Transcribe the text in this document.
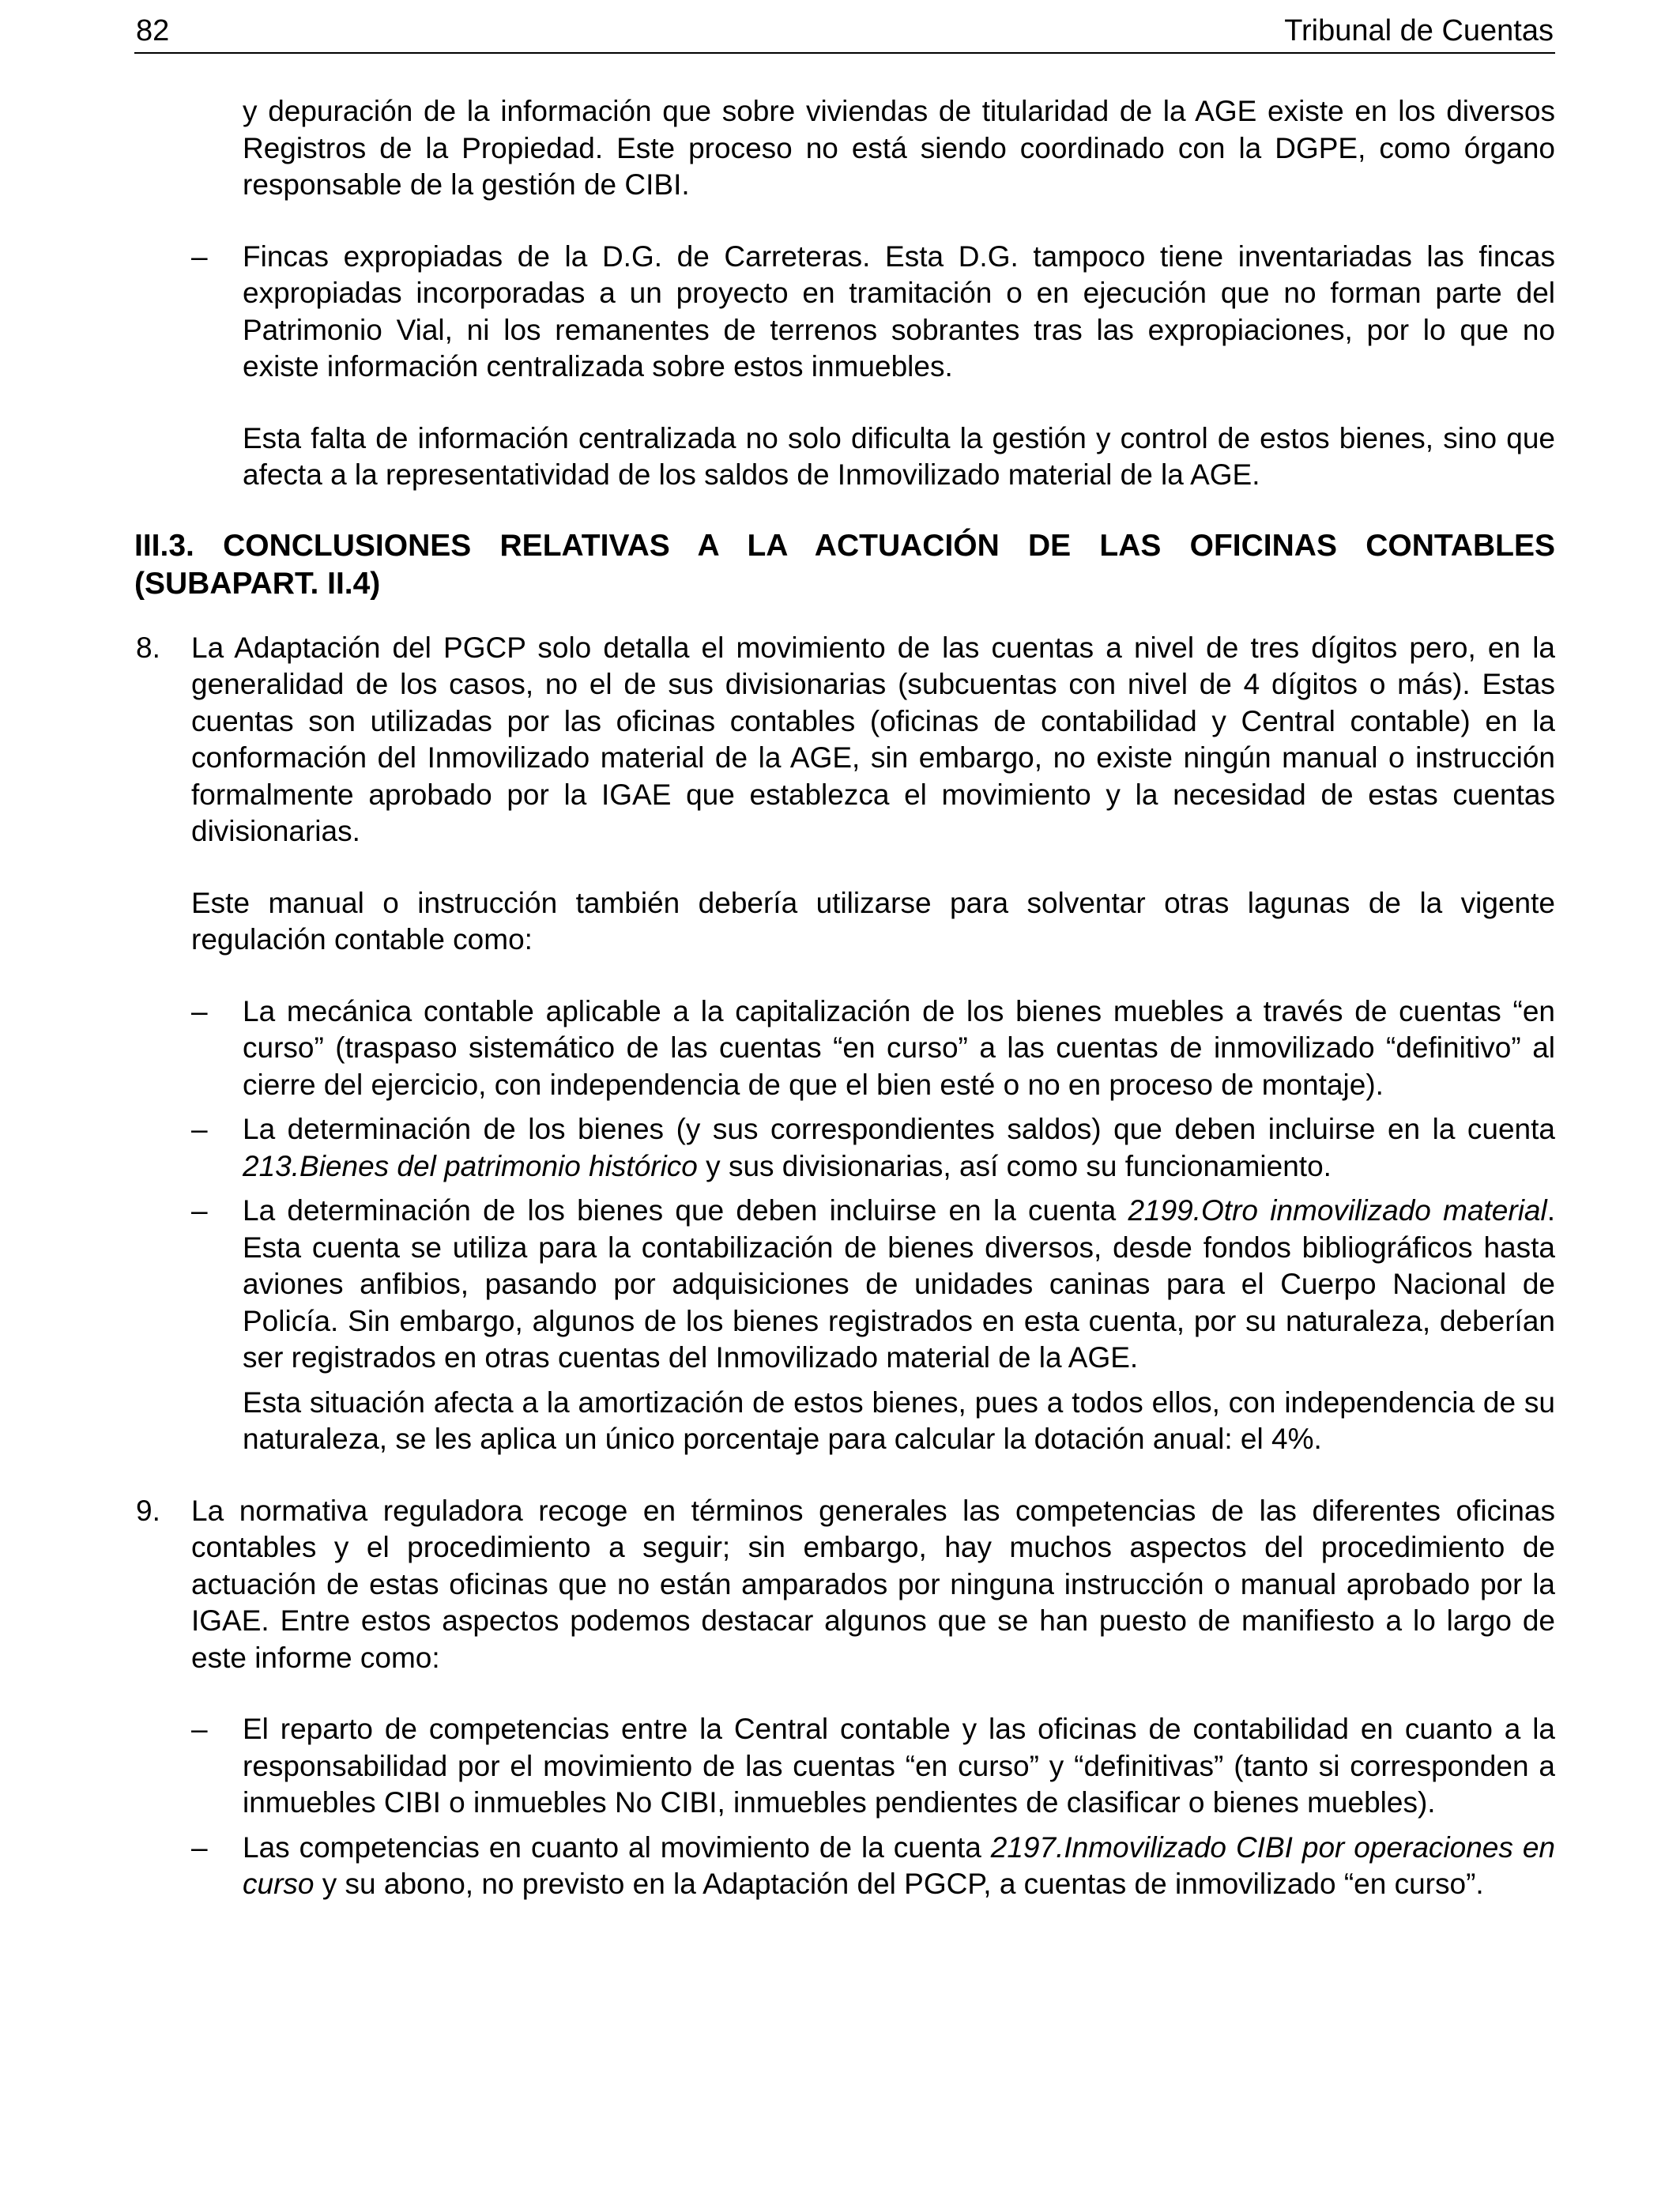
82	Tribunal de Cuentas

y depuración de la información que sobre viviendas de titularidad de la AGE existe en los diversos Registros de la Propiedad. Este proceso no está siendo coordinado con la DGPE, como órgano responsable de la gestión de CIBI.

– Fincas expropiadas de la D.G. de Carreteras. Esta D.G. tampoco tiene inventariadas las fincas expropiadas incorporadas a un proyecto en tramitación o en ejecución que no forman parte del Patrimonio Vial, ni los remanentes de terrenos sobrantes tras las expropiaciones, por lo que no existe información centralizada sobre estos inmuebles.

Esta falta de información centralizada no solo dificulta la gestión y control de estos bienes, sino que afecta a la representatividad de los saldos de Inmovilizado material de la AGE.

III.3. CONCLUSIONES RELATIVAS A LA ACTUACIÓN DE LAS OFICINAS CONTABLES (SUBAPART. II.4)

8. La Adaptación del PGCP solo detalla el movimiento de las cuentas a nivel de tres dígitos pero, en la generalidad de los casos, no el de sus divisionarias (subcuentas con nivel de 4 dígitos o más). Estas cuentas son utilizadas por las oficinas contables (oficinas de contabilidad y Central contable) en la conformación del Inmovilizado material de la AGE, sin embargo, no existe ningún manual o instrucción formalmente aprobado por la IGAE que establezca el movimiento y la necesidad de estas cuentas divisionarias.

Este manual o instrucción también debería utilizarse para solventar otras lagunas de la vigente regulación contable como:

– La mecánica contable aplicable a la capitalización de los bienes muebles a través de cuentas “en curso” (traspaso sistemático de las cuentas “en curso” a las cuentas de inmovilizado “definitivo” al cierre del ejercicio, con independencia de que el bien esté o no en proceso de montaje).
– La determinación de los bienes (y sus correspondientes saldos) que deben incluirse en la cuenta 213.Bienes del patrimonio histórico y sus divisionarias, así como su funcionamiento.
– La determinación de los bienes que deben incluirse en la cuenta 2199.Otro inmovilizado material. Esta cuenta se utiliza para la contabilización de bienes diversos, desde fondos bibliográficos hasta aviones anfibios, pasando por adquisiciones de unidades caninas para el Cuerpo Nacional de Policía. Sin embargo, algunos de los bienes registrados en esta cuenta, por su naturaleza, deberían ser registrados en otras cuentas del Inmovilizado material de la AGE.

Esta situación afecta a la amortización de estos bienes, pues a todos ellos, con independencia de su naturaleza, se les aplica un único porcentaje para calcular la dotación anual: el 4%.

9. La normativa reguladora recoge en términos generales las competencias de las diferentes oficinas contables y el procedimiento a seguir; sin embargo, hay muchos aspectos del procedimiento de actuación de estas oficinas que no están amparados por ninguna instrucción o manual aprobado por la IGAE. Entre estos aspectos podemos destacar algunos que se han puesto de manifiesto a lo largo de este informe como:
– El reparto de competencias entre la Central contable y las oficinas de contabilidad en cuanto a la responsabilidad por el movimiento de las cuentas “en curso” y “definitivas” (tanto si corresponden a inmuebles CIBI o inmuebles No CIBI, inmuebles pendientes de clasificar o bienes muebles).
– Las competencias en cuanto al movimiento de la cuenta 2197.Inmovilizado CIBI por operaciones en curso y su abono, no previsto en la Adaptación del PGCP, a cuentas de inmovilizado “en curso”.
